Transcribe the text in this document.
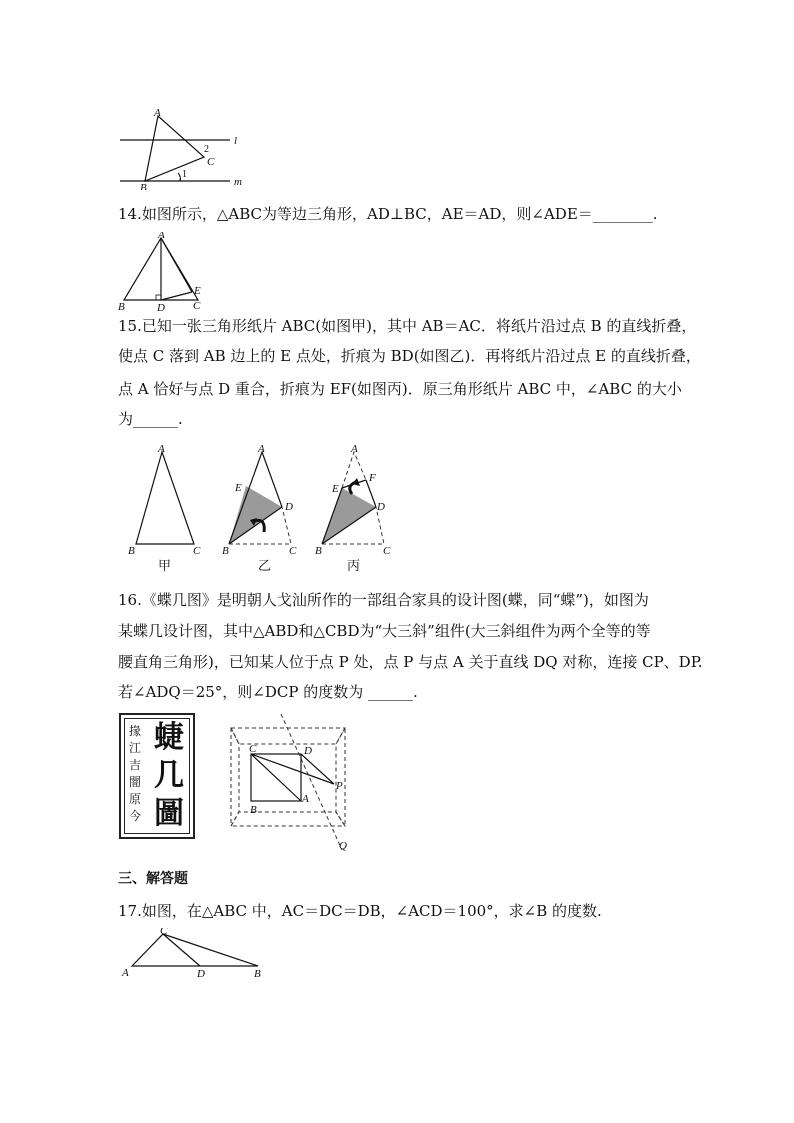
A
B
C
1
2
l
m

14.如图所示，△ABC为等边三角形，AD⊥BC，AE＝AD，则∠ADE＝________.

A
B	D	C
E

15.已知一张三角形纸片 ABC(如图甲)，其中 AB＝AC．将纸片沿过点 B 的直线折叠，

使点 C 落到 AB 边上的 E 点处，折痕为 BD(如图乙)．再将纸片沿过点 E 的直线折叠，

点 A 恰好与点 D 重合，折痕为 EF(如图丙)．原三角形纸片 ABC 中，∠ABC 的大小

为______.

A
B	C
甲
A
E
D
B	C
乙
A
E
F
D
B	C
丙

16.《蝶几图》是明朝人戈汕所作的一部组合家具的设计图(蝶，同“蝶”)，如图为

某蝶几设计图，其中△ABD和△CBD为“大三斜”组件(大三斜组件为两个全等的等

腰直角三角形)，已知某人位于点 P 处，点 P 与点 A 关于直线 DQ 对称，连接 CP、DP.

若∠ADQ＝25°，则∠DCP 的度数为 ______.

掾
江
吉
闇
原
今
蜨
几
圖
C	D
B
A
P
Q
三、解答题

17.如图，在△ABC 中，AC＝DC＝DB，∠ACD＝100°，求∠B 的度数.

C
A	D	B
